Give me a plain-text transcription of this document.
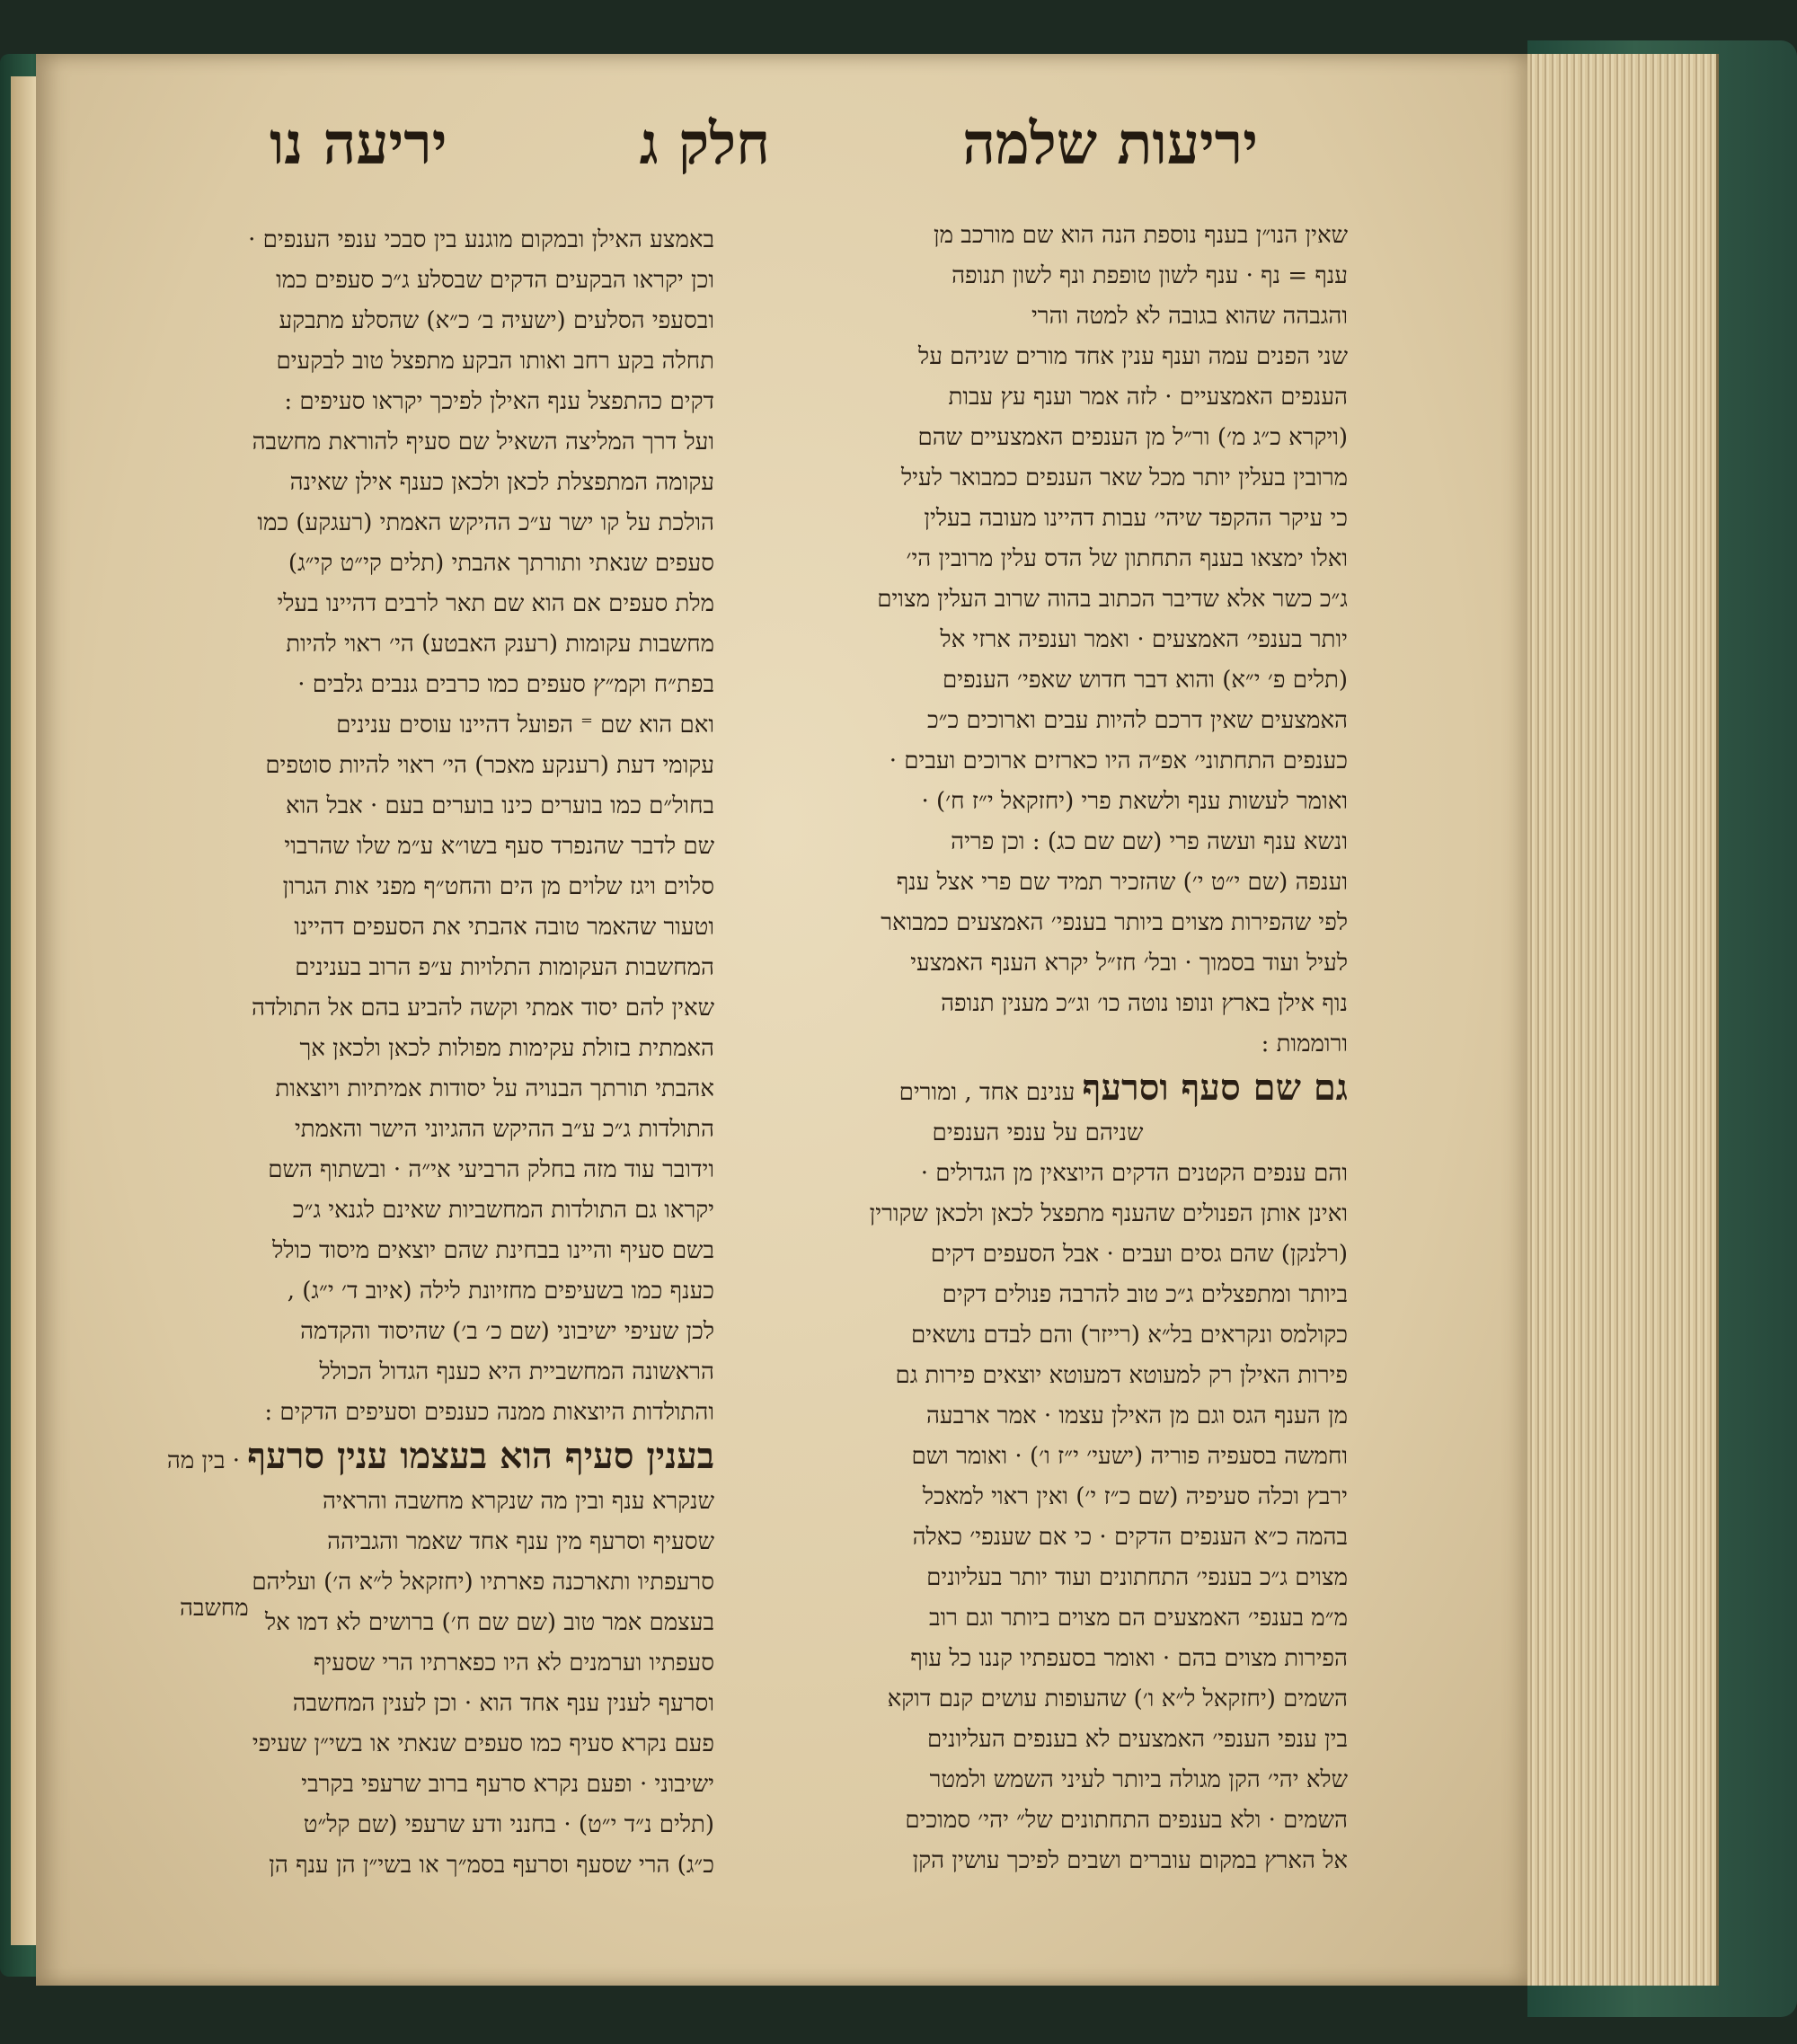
יריעות שלמה
חלק ג
יריעה נו

שאין הנו״ן בענף נוספת הנה הוא שם מורכב מן

ענף = נף · ענף לשון טופפת ונף לשון תנופה

והגבהה שהוא בגובה לא למטה והרי

שני הפנים עמה וענף ענין אחד מורים שניהם על

הענפים האמצעיים · לזה אמר וענף עץ עבות

(ויקרא כ״ג מ׳) ור״ל מן הענפים האמצעיים שהם

מרובין בעלין יותר מכל שאר הענפים כמבואר לעיל

כי עיקר ההקפד שיהי׳ עבות דהיינו מעובה בעלין

ואלו ימצאו בענף התחתון של הדס עלין מרובין הי׳

ג״כ כשר אלא שדיבר הכתוב בהוה שרוב העלין מצוים

יותר בענפי׳ האמצעים · ואמר וענפיה ארזי אל

(תלים פ׳ י״א) והוא דבר חדוש שאפי׳ הענפים

האמצעים שאין דרכם להיות עבים וארוכים כ״כ

כענפים התחתוני׳ אפ״ה היו כארזים ארוכים ועבים ·

ואומר לעשות ענף ולשאת פרי (יחזקאל י״ז ח׳) ·

ונשא ענף ועשה פרי (שם שם כג) : וכן פריה

וענפה (שם י״ט י׳) שהזכיר תמיד שם פרי אצל ענף

לפי שהפירות מצוים ביותר בענפי׳ האמצעים כמבואר

לעיל ועוד בסמוך · ובל׳ חז״ל יקרא הענף האמצעי

נוף אילן בארץ ונופו נוטה כו׳ וג״כ מענין תנופה

ורוממות :

גם שם סעף וסרעף ענינם אחד , ומורים

שניהם על ענפי הענפים

והם ענפים הקטנים הדקים היוצאין מן הגדולים ·

ואינן אותן הפנולים שהענף מתפצל לכאן ולכאן שקורין

(רלנקן) שהם גסים ועבים · אבל הסעפים דקים

ביותר ומתפצלים ג״כ טוב להרבה פנולים דקים

כקולמס ונקראים בל״א (רייזר) והם לבדם נושאים

פירות האילן רק למעוטא דמעוטא יוצאים פירות גם

מן הענף הגס וגם מן האילן עצמו · אמר ארבעה

וחמשה בסעפיה פוריה (ישעי׳ י״ז ו׳) · ואומר ושם

ירבץ וכלה סעיפיה (שם כ״ז י׳) ואין ראוי למאכל

בהמה כ״א הענפים הדקים · כי אם שענפי׳ כאלה

מצוים ג״כ בענפי׳ התחתונים ועוד יותר בעליונים

מ״מ בענפי׳ האמצעים הם מצוים ביותר וגם רוב

הפירות מצוים בהם · ואומר בסעפתיו קננו כל עוף

השמים (יחזקאל ל״א ו׳) שהעופות עושים קנם דוקא

בין ענפי הענפי׳ האמצעים לא בענפים העליונים

שלא יהי׳ הקן מגולה ביותר לעיני השמש ולמטר

השמים · ולא בענפים התחתונים של״ יהי׳ סמוכים

אל הארץ במקום עוברים ושבים לפיכך עושין הקן

באמצע האילן ובמקום מוגנע בין סבכי ענפי הענפים ·

וכן יקראו הבקעים הדקים שבסלע ג״כ סעפים כמו

ובסעפי הסלעים (ישעיה ב׳ כ״א) שהסלע מתבקע

תחלה בקע רחב ואותו הבקע מתפצל טוב לבקעים

דקים כהתפצל ענף האילן לפיכך יקראו סעיפים :

ועל דרך המליצה השאיל שם סעיף להוראת מחשבה

עקומה המתפצלת לכאן ולכאן כענף אילן שאינה

הולכת על קו ישר ע״כ ההיקש האמתי (רעגקע) כמו

סעפים שנאתי ותורתך אהבתי (תלים קי״ט קי״ג)

מלת סעפים אם הוא שם תאר לרבים דהיינו בעלי

מחשבות עקומות (רענק האבטע) הי׳ ראוי להיות

בפת״ח וקמ״ץ סעפים כמו כרבים גנבים גלבים ·

ואם הוא שם ⁼ הפועל דהיינו עוסים ענינים

עקומי דעת (רענקע מאכר) הי׳ ראוי להיות סוטפים

בחול״ם כמו בוערים כינו בוערים בעם · אבל הוא

שם לדבר שהנפרד סעף בשו״א ע״מ שלו שהרבוי

סלוים ויגז שלוים מן הים והחט״ף מפני אות הגרון

וטעור שהאמר טובה אהבתי את הסעפים דהיינו

המחשבות העקומות התלויות ע״פ הרוב בענינים

שאין להם יסוד אמתי וקשה להביע בהם אל התולדה

האמתית בזולת עקימות מפולות לכאן ולכאן אך

אהבתי תורתך הבנויה על יסודות אמיתיות ויוצאות

התולדות ג״כ ע״ב ההיקש ההגיוני הישר והאמתי

וידובר עוד מזה בחלק הרביעי אי״ה · ובשתוף השם

יקראו גם התולדות המחשביות שאינם לגנאי ג״כ

בשם סעיף והיינו בבחינת שהם יוצאים מיסוד כולל

כענף כמו בשעיפים מחזיונת לילה (איוב ד׳ י״ג) ,

לכן שעיפי ישיבוני (שם כ׳ ב׳) שהיסוד והקדמה

הראשונה המחשביית היא כענף הגדול הכולל

והתולדות היוצאות ממנה כענפים וסעיפים הדקים :

בענין סעיף הוא בעצמו ענין סרעף · בין מה

שנקרא ענף ובין מה שנקרא מחשבה והראיה

שסעיף וסרעף מין ענף אחד שאמר והגביהה

סרעפתיו ותארכנה פארתיו (יחזקאל ל״א ה׳) ועליהם

בעצמם אמר טוב (שם שם ח׳) ברושים לא דמו אל

סעפתיו וערמנים לא היו כפארתיו הרי שסעיף

וסרעף לענין ענף אחד הוא · וכן לענין המחשבה

פעם נקרא סעיף כמו סעפים שנאתי או בשי״ן שעיפי

ישיבוני · ופעם נקרא סרעף ברוב שרעפי בקרבי

(תלים נ״ד י״ט) · בחנני ודע שרעפי (שם קל״ט

כ״ג) הרי שסעף וסרעף בסמ״ך או בשי״ן הן ענף הן

מחשבה
